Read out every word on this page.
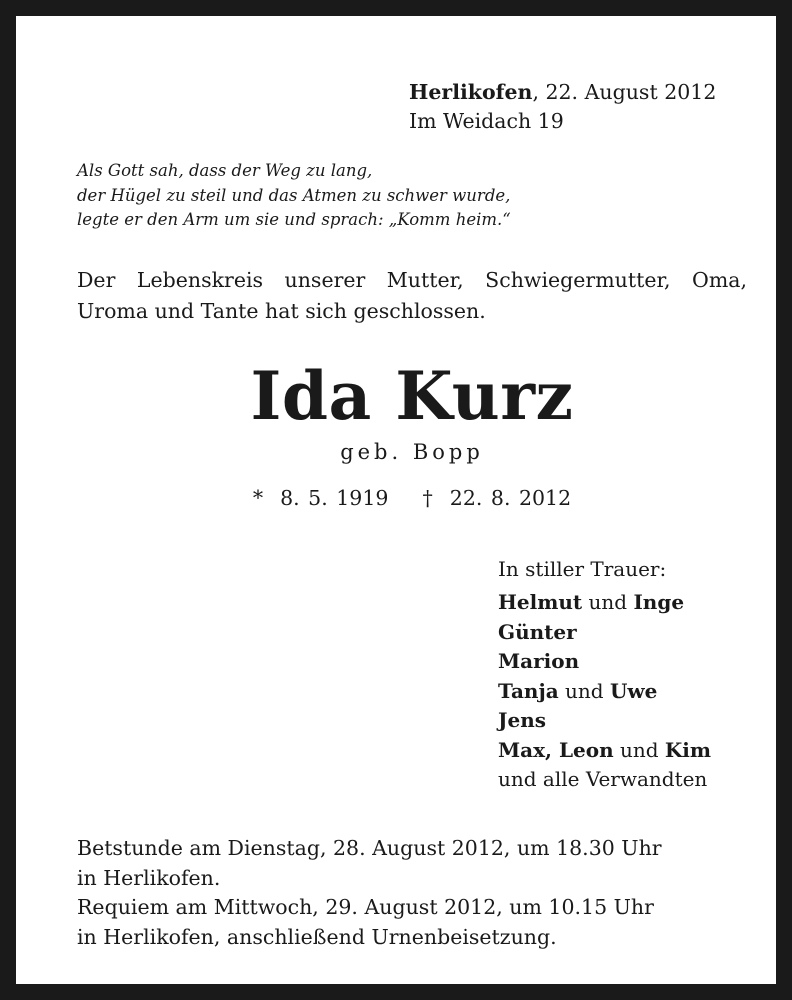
Herlikofen, 22. August 2012
Im Weidach 19
Als Gott sah, dass der Weg zu lang,
der Hügel zu steil und das Atmen zu schwer wurde,
legte er den Arm um sie und sprach: „Komm heim.“
Der Lebenskreis unserer Mutter, Schwiegermutter, Oma, Uroma und Tante hat sich geschlossen.
Ida Kurz
geb. Bopp
*  8. 5. 1919    †  22. 8. 2012
In stiller Trauer:
Helmut und Inge
Günter
Marion
Tanja und Uwe
Jens
Max, Leon und Kim
und alle Verwandten
Betstunde am Dienstag, 28. August 2012, um 18.30 Uhr
in Herlikofen.
Requiem am Mittwoch, 29. August 2012, um 10.15 Uhr
in Herlikofen, anschließend Urnenbeisetzung.
